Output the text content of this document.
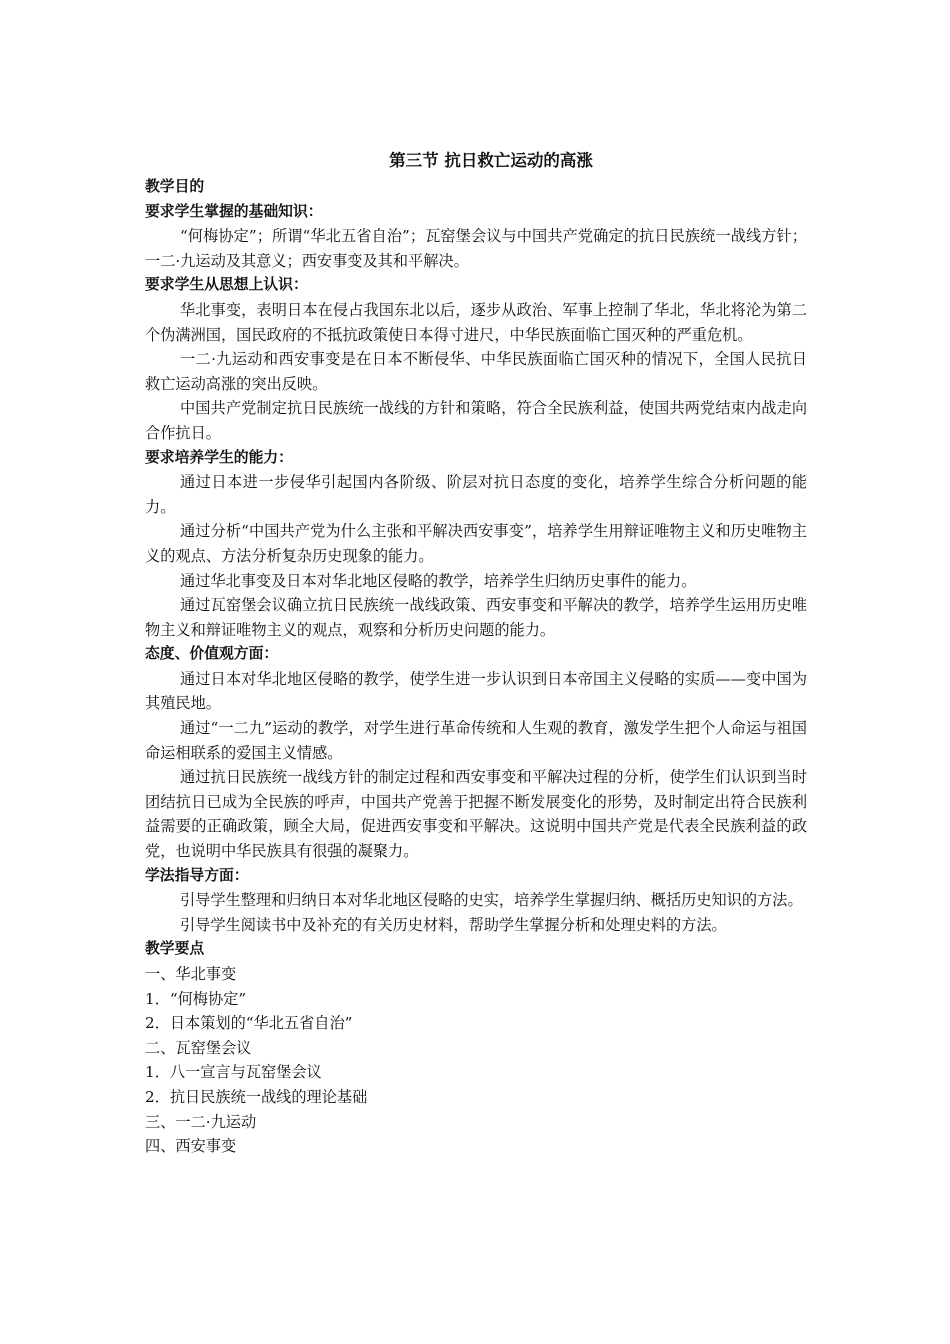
第三节 抗日救亡运动的高涨
教学目的
要求学生掌握的基础知识：
“何梅协定”；所谓“华北五省自治”；瓦窑堡会议与中国共产党确定的抗日民族统一战线方针；一二·九运动及其意义；西安事变及其和平解决。
要求学生从思想上认识：
华北事变，表明日本在侵占我国东北以后，逐步从政治、军事上控制了华北，华北将沦为第二个伪满洲国，国民政府的不抵抗政策使日本得寸进尺，中华民族面临亡国灭种的严重危机。
一二·九运动和西安事变是在日本不断侵华、中华民族面临亡国灭种的情况下，全国人民抗日救亡运动高涨的突出反映。
中国共产党制定抗日民族统一战线的方针和策略，符合全民族利益，使国共两党结束内战走向合作抗日。
要求培养学生的能力：
通过日本进一步侵华引起国内各阶级、阶层对抗日态度的变化，培养学生综合分析问题的能力。
通过分析“中国共产党为什么主张和平解决西安事变”，培养学生用辩证唯物主义和历史唯物主义的观点、方法分析复杂历史现象的能力。
通过华北事变及日本对华北地区侵略的教学，培养学生归纳历史事件的能力。
通过瓦窑堡会议确立抗日民族统一战线政策、西安事变和平解决的教学，培养学生运用历史唯物主义和辩证唯物主义的观点，观察和分析历史问题的能力。
态度、价值观方面：
通过日本对华北地区侵略的教学，使学生进一步认识到日本帝国主义侵略的实质——变中国为其殖民地。
通过“一二九”运动的教学，对学生进行革命传统和人生观的教育，激发学生把个人命运与祖国命运相联系的爱国主义情感。
通过抗日民族统一战线方针的制定过程和西安事变和平解决过程的分析，使学生们认识到当时团结抗日已成为全民族的呼声，中国共产党善于把握不断发展变化的形势，及时制定出符合民族利益需要的正确政策，顾全大局，促进西安事变和平解决。这说明中国共产党是代表全民族利益的政党，也说明中华民族具有很强的凝聚力。
学法指导方面：
引导学生整理和归纳日本对华北地区侵略的史实，培养学生掌握归纳、概括历史知识的方法。
引导学生阅读书中及补充的有关历史材料，帮助学生掌握分析和处理史料的方法。
教学要点
一、华北事变
1．“何梅协定”
2．日本策划的“华北五省自治”
二、瓦窑堡会议
1．八一宣言与瓦窑堡会议
2．抗日民族统一战线的理论基础
三、一二·九运动
四、西安事变
